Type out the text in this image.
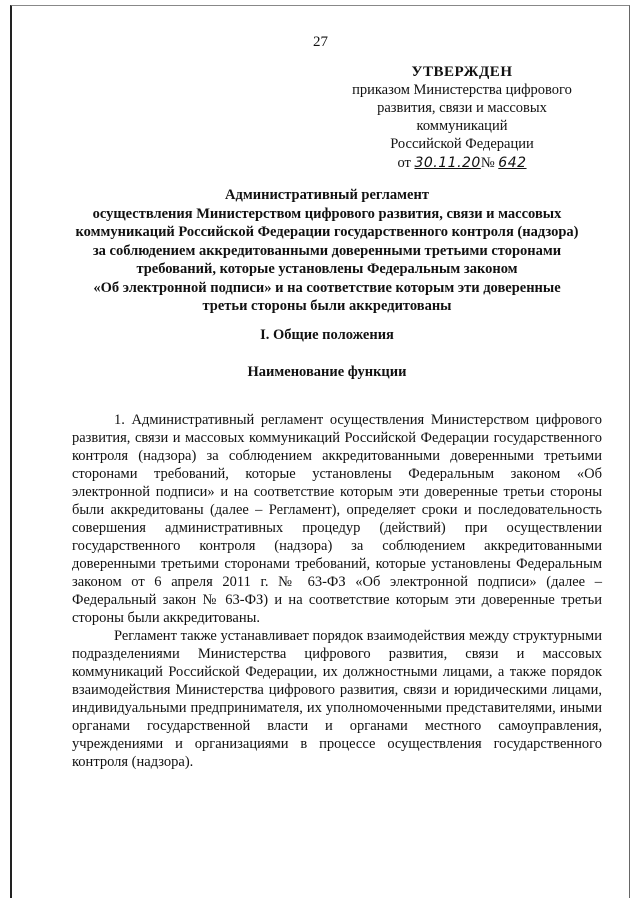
27
УТВЕРЖДЕН
приказом Министерства цифрового
развития, связи и массовых
коммуникаций
Российской Федерации
от 30.11.20№ 642
Административный регламент
осуществления Министерством цифрового развития, связи и массовых
коммуникаций Российской Федерации государственного контроля (надзора)
за соблюдением аккредитованными доверенными третьими сторонами
требований, которые установлены Федеральным законом
«Об электронной подписи» и на соответствие которым эти доверенные
третьи стороны были аккредитованы
I. Общие положения
Наименование функции

1. Административный регламент осуществления Министерством цифрового развития, связи и массовых коммуникаций Российской Федерации государственного контроля (надзора) за соблюдением аккредитованными доверенными третьими сторонами требований, которые установлены Федеральным законом «Об электронной подписи» и на соответствие которым эти доверенные третьи стороны были аккредитованы (далее – Регламент), определяет сроки и последовательность совершения административных процедур (действий) при осуществлении государственного контроля (надзора) за соблюдением аккредитованными доверенными третьими сторонами требований, которые установлены Федеральным законом от 6 апреля 2011 г. № 63-ФЗ «Об электронной подписи» (далее – Федеральный закон № 63-ФЗ) и на соответствие которым эти доверенные третьи стороны были аккредитованы.

Регламент также устанавливает порядок взаимодействия между структурными подразделениями Министерства цифрового развития, связи и массовых коммуникаций Российской Федерации, их должностными лицами, а также порядок взаимодействия Министерства цифрового развития, связи и юридическими лицами, индивидуальными предпринимателя, их уполномоченными представителями, иными органами государственной власти и органами местного самоуправления, учреждениями и организациями в процессе осуществления государственного контроля (надзора).
